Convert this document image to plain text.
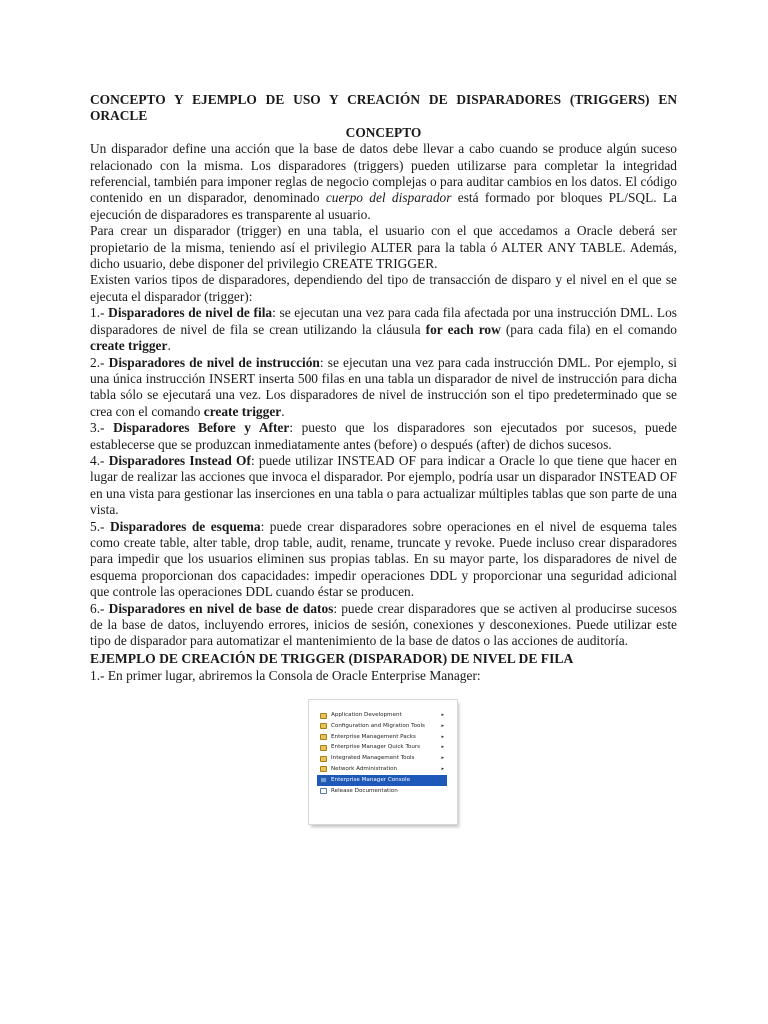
CONCEPTO Y EJEMPLO DE USO Y CREACIÓN DE DISPARADORES (TRIGGERS) EN ORACLE

CONCEPTO

Un disparador define una acción que la base de datos debe llevar a cabo cuando se produce algún suceso relacionado con la misma. Los disparadores (triggers) pueden utilizarse para completar la integridad referencial, también para imponer reglas de negocio complejas o para auditar cambios en los datos. El código contenido en un disparador, denominado cuerpo del disparador está formado por bloques PL/SQL. La ejecución de disparadores es transparente al usuario.

Para crear un disparador (trigger) en una tabla, el usuario con el que accedamos a Oracle deberá ser propietario de la misma, teniendo así el privilegio ALTER para la tabla ó ALTER ANY TABLE. Además, dicho usuario, debe disponer del privilegio CREATE TRIGGER.

Existen varios tipos de disparadores, dependiendo del tipo de transacción de disparo y el nivel en el que se ejecuta el disparador (trigger):

1.- Disparadores de nivel de fila: se ejecutan una vez para cada fila afectada por una instrucción DML. Los disparadores de nivel de fila se crean utilizando la cláusula for each row (para cada fila) en el comando create trigger.

2.- Disparadores de nivel de instrucción: se ejecutan una vez para cada instrucción DML. Por ejemplo, si una única instrucción INSERT inserta 500 filas en una tabla un disparador de nivel de instrucción para dicha tabla sólo se ejecutará una vez. Los disparadores de nivel de instrucción son el tipo predeterminado que se crea con el comando create trigger.

3.- Disparadores Before y After: puesto que los disparadores son ejecutados por sucesos, puede establecerse que se produzcan inmediatamente antes (before) o después (after) de dichos sucesos.

4.- Disparadores Instead Of: puede utilizar INSTEAD OF para indicar a Oracle lo que tiene que hacer en lugar de realizar las acciones que invoca el disparador. Por ejemplo, podría usar un disparador INSTEAD OF en una vista para gestionar las inserciones en una tabla o para actualizar múltiples tablas que son parte de una vista.

5.- Disparadores de esquema: puede crear disparadores sobre operaciones en el nivel de esquema tales como create table, alter table, drop table, audit, rename, truncate y revoke. Puede incluso crear disparadores para impedir que los usuarios eliminen sus propias tablas. En su mayor parte, los disparadores de nivel de esquema proporcionan dos capacidades: impedir operaciones DDL y proporcionar una seguridad adicional que controle las operaciones DDL cuando éstar se producen.

6.- Disparadores en nivel de base de datos: puede crear disparadores que se activen al producirse sucesos de la base de datos, incluyendo errores, inicios de sesión, conexiones y desconexiones. Puede utilizar este tipo de disparador para automatizar el mantenimiento de la base de datos o las acciones de auditoría.

EJEMPLO DE CREACIÓN DE TRIGGER (DISPARADOR) DE NIVEL DE FILA

1.- En primer lugar, abriremos la Consola de Oracle Enterprise Manager:

Application Development	▸
Configuration and Migration Tools	▸
Enterprise Management Packs	▸
Enterprise Manager Quick Tours	▸
Integrated Management Tools	▸
Network Administration	▸
Enterprise Manager Console
Release Documentation
